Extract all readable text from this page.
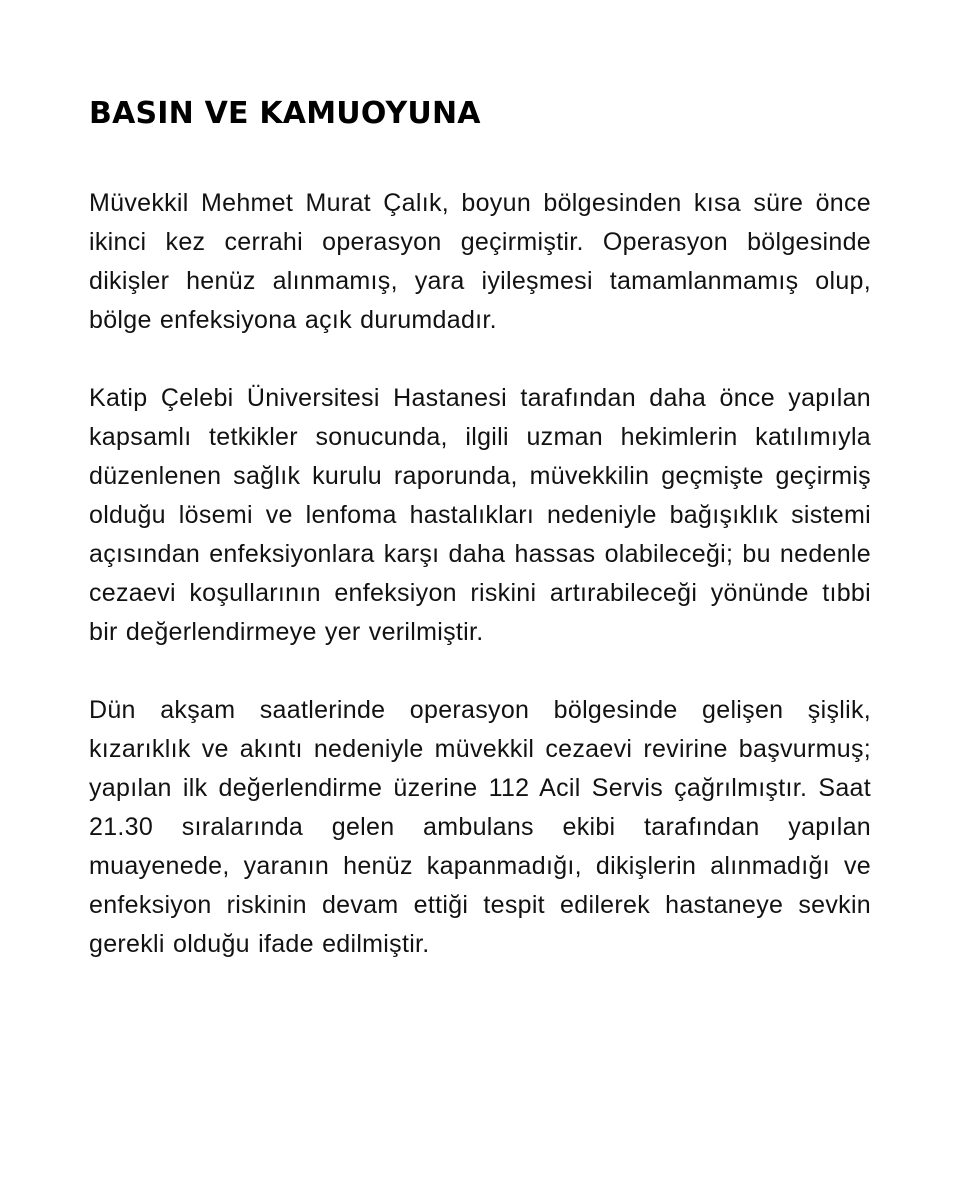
BASIN VE KAMUOYUNA

Müvekkil Mehmet Murat Çalık, boyun bölgesinden kısa süre önce ikinci kez cerrahi operasyon geçirmiştir. Operasyon bölgesinde dikişler henüz alınmamış, yara iyileşmesi tamamlanmamış olup, bölge enfeksiyona açık durumdadır.

Katip Çelebi Üniversitesi Hastanesi tarafından daha önce yapılan kapsamlı tetkikler sonucunda, ilgili uzman hekimlerin katılımıyla düzenlenen sağlık kurulu raporunda, müvekkilin geçmişte geçirmiş olduğu lösemi ve lenfoma hastalıkları nedeniyle bağışıklık sistemi açısından enfeksiyonlara karşı daha hassas olabileceği; bu nedenle cezaevi koşullarının enfeksiyon riskini artırabileceği yönünde tıbbi bir değerlendirmeye yer verilmiştir.

Dün akşam saatlerinde operasyon bölgesinde gelişen şişlik, kızarıklık ve akıntı nedeniyle müvekkil cezaevi revirine başvurmuş; yapılan ilk değerlendirme üzerine 112 Acil Servis çağrılmıştır. Saat 21.30 sıralarında gelen ambulans ekibi tarafından yapılan muayenede, yaranın henüz kapanmadığı, dikişlerin alınmadığı ve enfeksiyon riskinin devam ettiği tespit edilerek hastaneye sevkin gerekli olduğu ifade edilmiştir.
